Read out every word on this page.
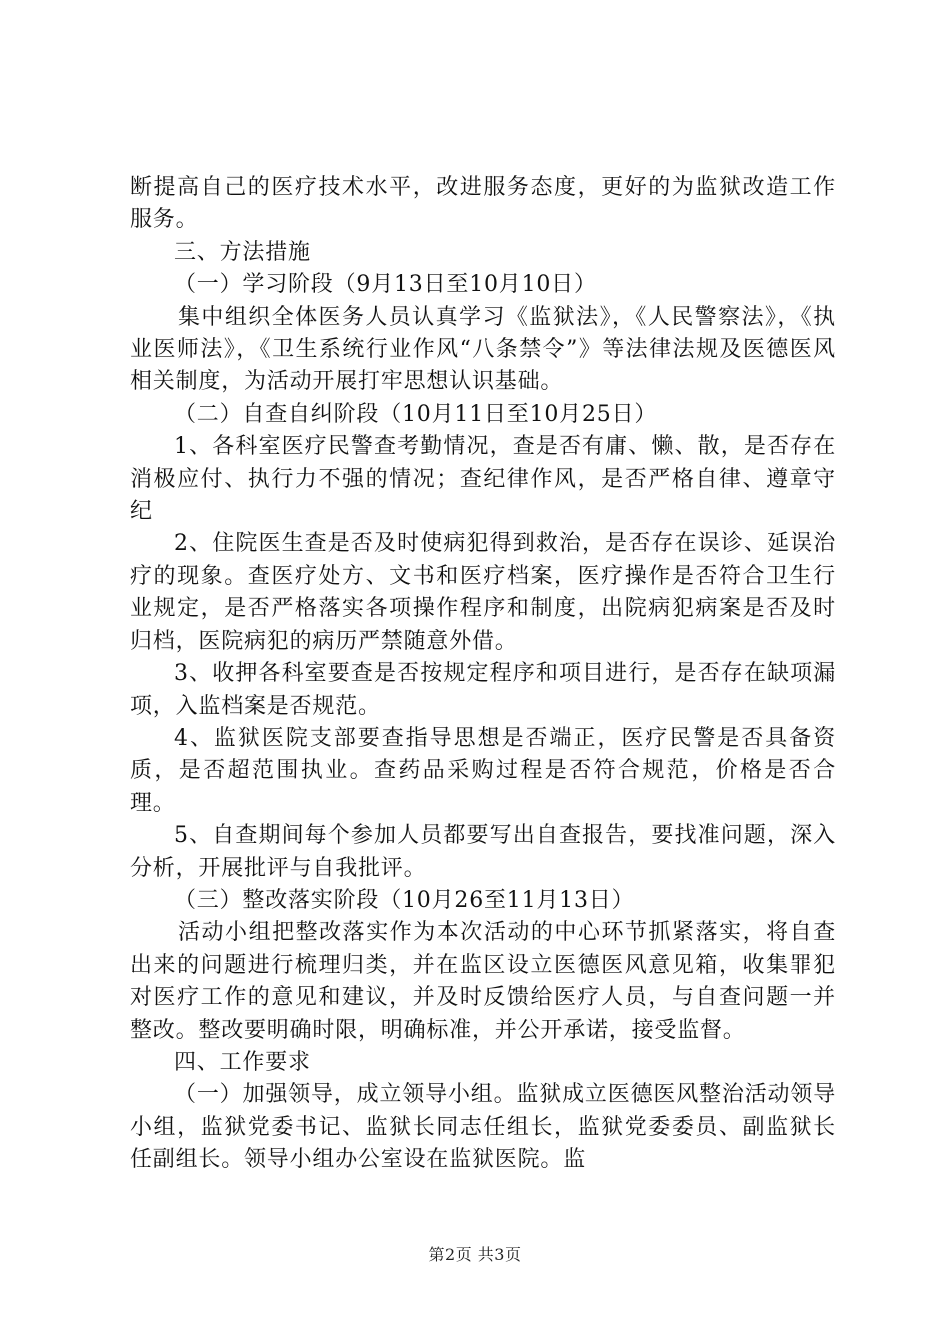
断提高自己的医疗技术水平，改进服务态度，更好的为监狱改造工作服务。

三、方法措施

（一）学习阶段（9月13日至10月10日）

集中组织全体医务人员认真学习《监狱法》，《人民警察法》，《执业医师法》，《卫生系统行业作风“八条禁令”》等法律法规及医德医风相关制度，为活动开展打牢思想认识基础。

（二）自查自纠阶段（10月11日至10月25日）

1、各科室医疗民警查考勤情况，查是否有庸、懒、散，是否存在消极应付、执行力不强的情况；查纪律作风，是否严格自律、遵章守纪

2、住院医生查是否及时使病犯得到救治，是否存在误诊、延误治疗的现象。查医疗处方、文书和医疗档案，医疗操作是否符合卫生行业规定，是否严格落实各项操作程序和制度，出院病犯病案是否及时归档，医院病犯的病历严禁随意外借。

3、收押各科室要查是否按规定程序和项目进行，是否存在缺项漏项，入监档案是否规范。

4、监狱医院支部要查指导思想是否端正，医疗民警是否具备资质，是否超范围执业。查药品采购过程是否符合规范，价格是否合理。

5、自查期间每个参加人员都要写出自查报告，要找准问题，深入分析，开展批评与自我批评。

（三）整改落实阶段（10月26至11月13日）

活动小组把整改落实作为本次活动的中心环节抓紧落实，将自查出来的问题进行梳理归类，并在监区设立医德医风意见箱，收集罪犯对医疗工作的意见和建议，并及时反馈给医疗人员，与自查问题一并整改。整改要明确时限，明确标准，并公开承诺，接受监督。

四、工作要求

（一）加强领导，成立领导小组。监狱成立医德医风整治活动领导小组，监狱党委书记、监狱长同志任组长，监狱党委委员、副监狱长任副组长。领导小组办公室设在监狱医院。监

第2页 共3页
